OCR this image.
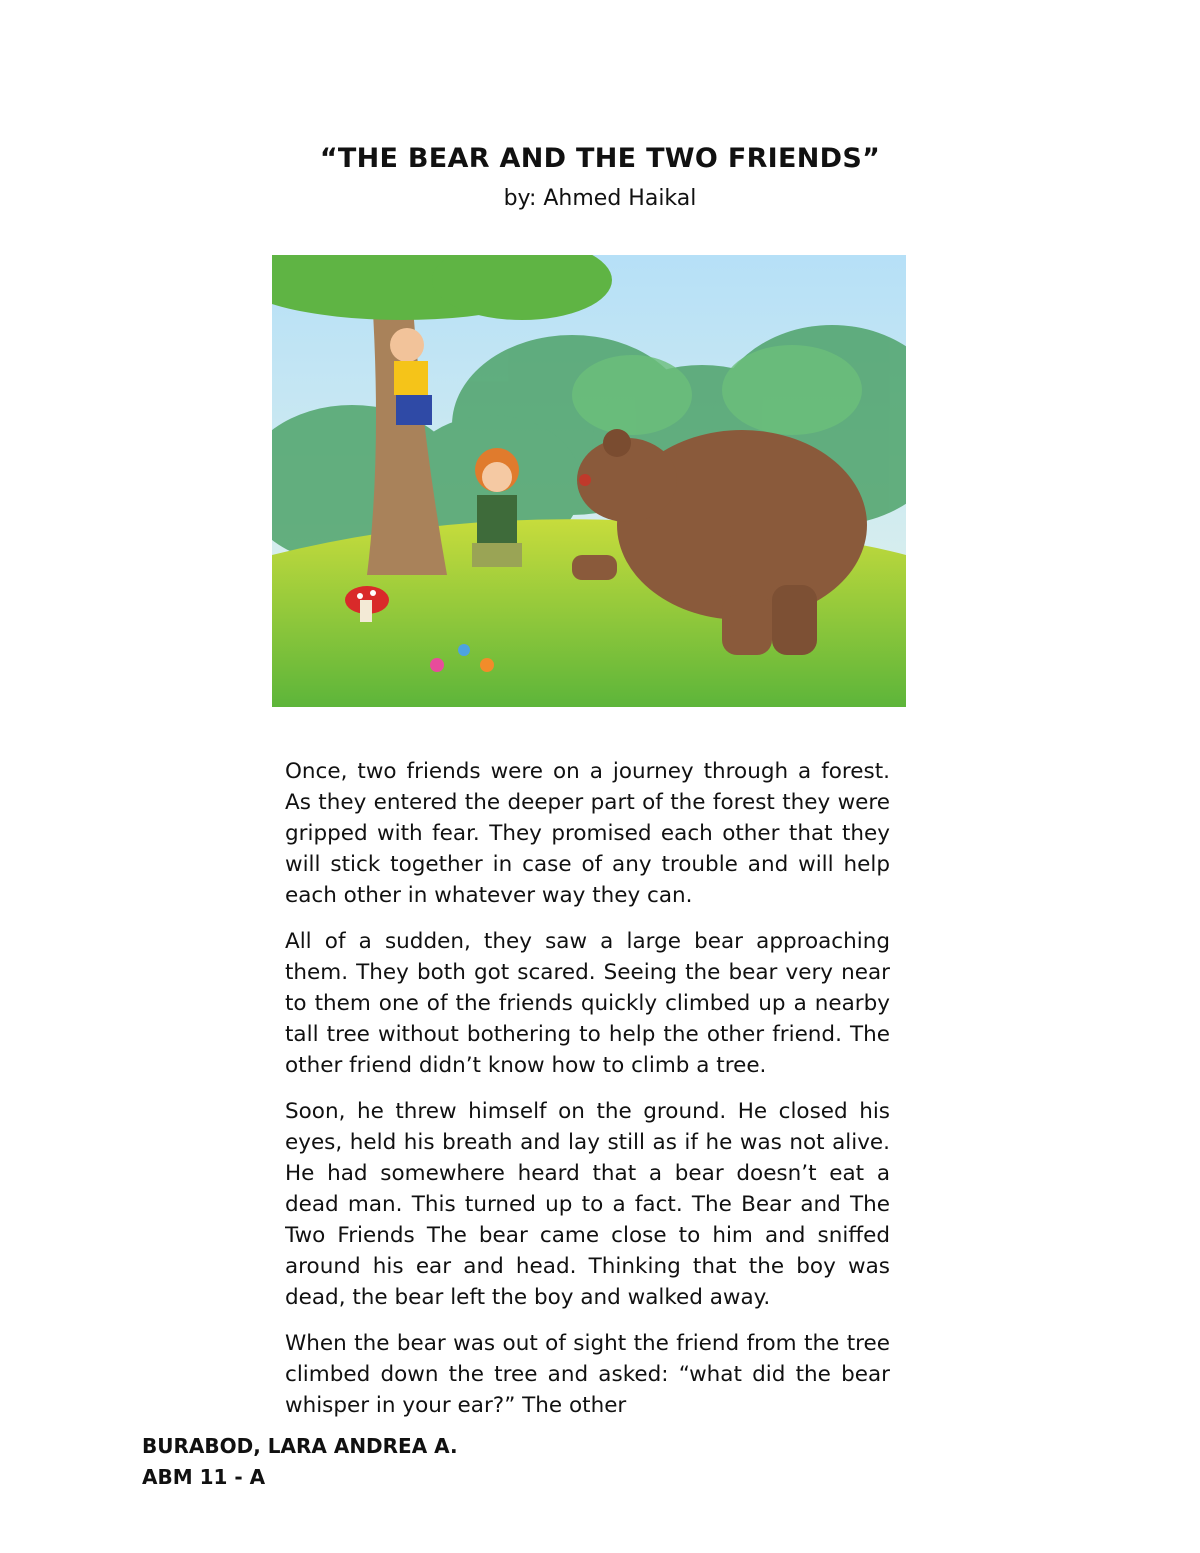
“THE BEAR AND THE TWO FRIENDS”
by: Ahmed Haikal

Once, two friends were on a journey through a forest. As they entered the deeper part of the forest they were gripped with fear. They promised each other that they will stick together in case of any trouble and will help each other in whatever way they can.

All of a sudden, they saw a large bear approaching them. They both got scared. Seeing the bear very near to them one of the friends quickly climbed up a nearby tall tree without bothering to help the other friend. The other friend didn’t know how to climb a tree.

Soon, he threw himself on the ground. He closed his eyes, held his breath and lay still as if he was not alive. He had somewhere heard that a bear doesn’t eat a dead man. This turned up to a fact. The Bear and The Two Friends The bear came close to him and sniffed around his ear and head. Thinking that the boy was dead, the bear left the boy and walked away.

When the bear was out of sight the friend from the tree climbed down the tree and asked: “what did the bear whisper in your ear?” The other

BURABOD, LARA ANDREA A.
ABM 11 - A
